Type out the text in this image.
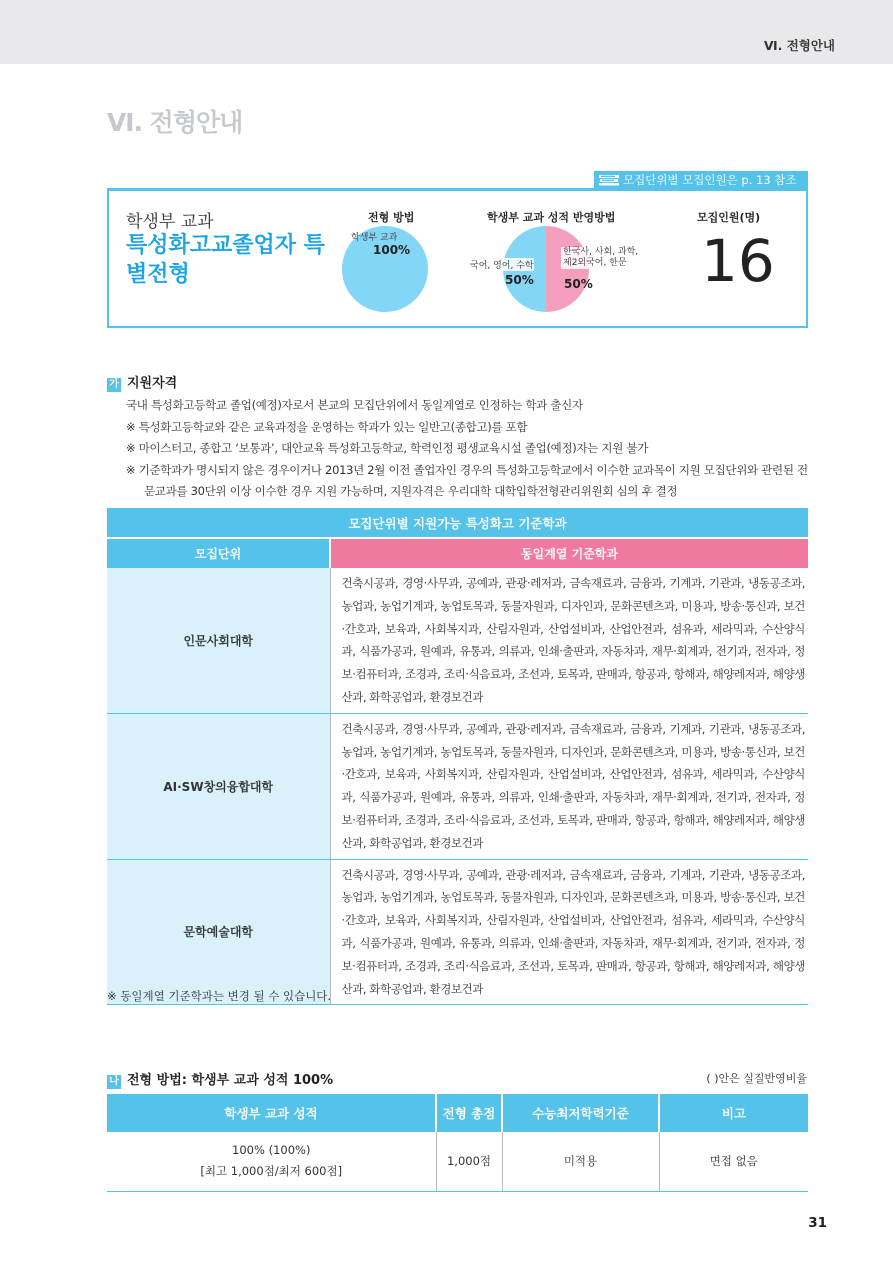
Ⅵ. 전형안내
Ⅵ. 전형안내
모집단위별 모집인원은 p. 13 참조
학생부 교과
특성화고교졸업자 특별전형
전형 방법	학생부 교과 성적 반영방법	모집인원(명)
학생부 교과
100%
국어, 영어, 수학
50%
한국사, 사회, 과학,
제2외국어, 한문
50% 16
가 지원자격

국내 특성화고등학교 졸업(예정)자로서 본교의 모집단위에서 동일계열로 인정하는 학과 출신자

※ 특성화고등학교와 같은 교육과정을 운영하는 학과가 있는 일반고(종합고)를 포함

※ 마이스터고, 종합고 ‘보통과’, 대안교육 특성화고등학교, 학력인정 평생교육시설 졸업(예정)자는 지원 불가

※ 기준학과가 명시되지 않은 경우이거나 2013년 2월 이전 졸업자인 경우의 특성화고등학교에서 이수한 교과목이 지원 모집단위와 관련된 전문교과를 30단위 이상 이수한 경우 지원 가능하며, 지원자격은 우리대학 대학입학전형관리위원회 심의 후 결정

모집단위별 지원가능 특성화고 기준학과	
모집단위	동일계열 기준학과
인문사회대학	건축시공과, 경영·사무과, 공예과, 관광·레저과, 금속재료과, 금융과, 기계과, 기관과, 냉동공조과, 농업과, 농업기계과, 농업토목과, 동물자원과, 디자인과, 문화콘텐츠과, 미용과, 방송·통신과, 보건·간호과, 보육과, 사회복지과, 산림자원과, 산업설비과, 산업안전과, 섬유과, 세라믹과, 수산양식과, 식품가공과, 원예과, 유통과, 의류과, 인쇄·출판과, 자동차과, 재무·회계과, 전기과, 전자과, 정보·컴퓨터과, 조경과, 조리·식음료과, 조선과, 토목과, 판매과, 항공과, 항해과, 해양레저과, 해양생산과, 화학공업과, 환경보건과
AI·SW창의융합대학	건축시공과, 경영·사무과, 공예과, 관광·레저과, 금속재료과, 금융과, 기계과, 기관과, 냉동공조과, 농업과, 농업기계과, 농업토목과, 동물자원과, 디자인과, 문화콘텐츠과, 미용과, 방송·통신과, 보건·간호과, 보육과, 사회복지과, 산림자원과, 산업설비과, 산업안전과, 섬유과, 세라믹과, 수산양식과, 식품가공과, 원예과, 유통과, 의류과, 인쇄·출판과, 자동차과, 재무·회계과, 전기과, 전자과, 정보·컴퓨터과, 조경과, 조리·식음료과, 조선과, 토목과, 판매과, 항공과, 항해과, 해양레저과, 해양생산과, 화학공업과, 환경보건과
문학예술대학	건축시공과, 경영·사무과, 공예과, 관광·레저과, 금속재료과, 금융과, 기계과, 기관과, 냉동공조과, 농업과, 농업기계과, 농업토목과, 동물자원과, 디자인과, 문화콘텐츠과, 미용과, 방송·통신과, 보건·간호과, 보육과, 사회복지과, 산림자원과, 산업설비과, 산업안전과, 섬유과, 세라믹과, 수산양식과, 식품가공과, 원예과, 유통과, 의류과, 인쇄·출판과, 자동차과, 재무·회계과, 전기과, 전자과, 정보·컴퓨터과, 조경과, 조리·식음료과, 조선과, 토목과, 판매과, 항공과, 항해과, 해양레저과, 해양생산과, 화학공업과, 환경보건과
※ 동일계열 기준학과는 변경 될 수 있습니다.
나 전형 방법: 학생부 교과 성적 100%	( )안은 실질반영비율
학생부 교과 성적	전형 총점	수능최저학력기준	비고

100% (100%)
[최고 1,000점/최저 600점]	1,000점	미적용	면접 없음
31
